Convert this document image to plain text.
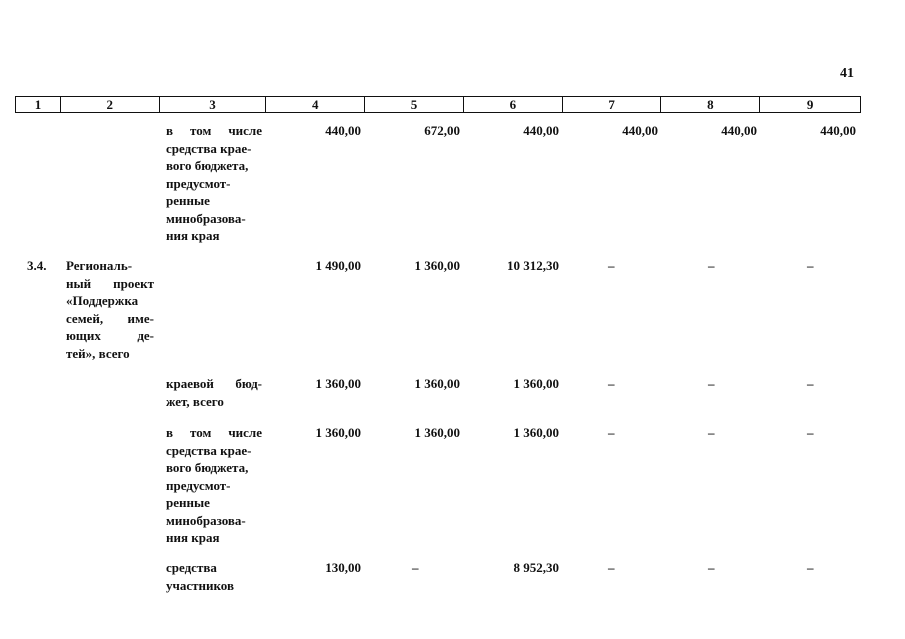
41
1	2	3	4	5	6	7	8	9
в том числе
средства крае-
вого бюджета,
предусмот-
ренные
минобразова-
ния края
440,00	672,00	440,00	440,00	440,00	440,00
3.4.	Региональ-
ный проект
«Поддержка
семей, име-
ющих де-
тей», всего
1 490,00	1 360,00	10 312,30	–	–	–
краевой бюд-
жет, всего
1 360,00	1 360,00	1 360,00	–	–	–
в том числе
средства крае-
вого бюджета,
предусмот-
ренные
минобразова-
ния края
1 360,00	1 360,00	1 360,00	–	–	–
средства
участников
130,00	–	8 952,30	–	–	–
